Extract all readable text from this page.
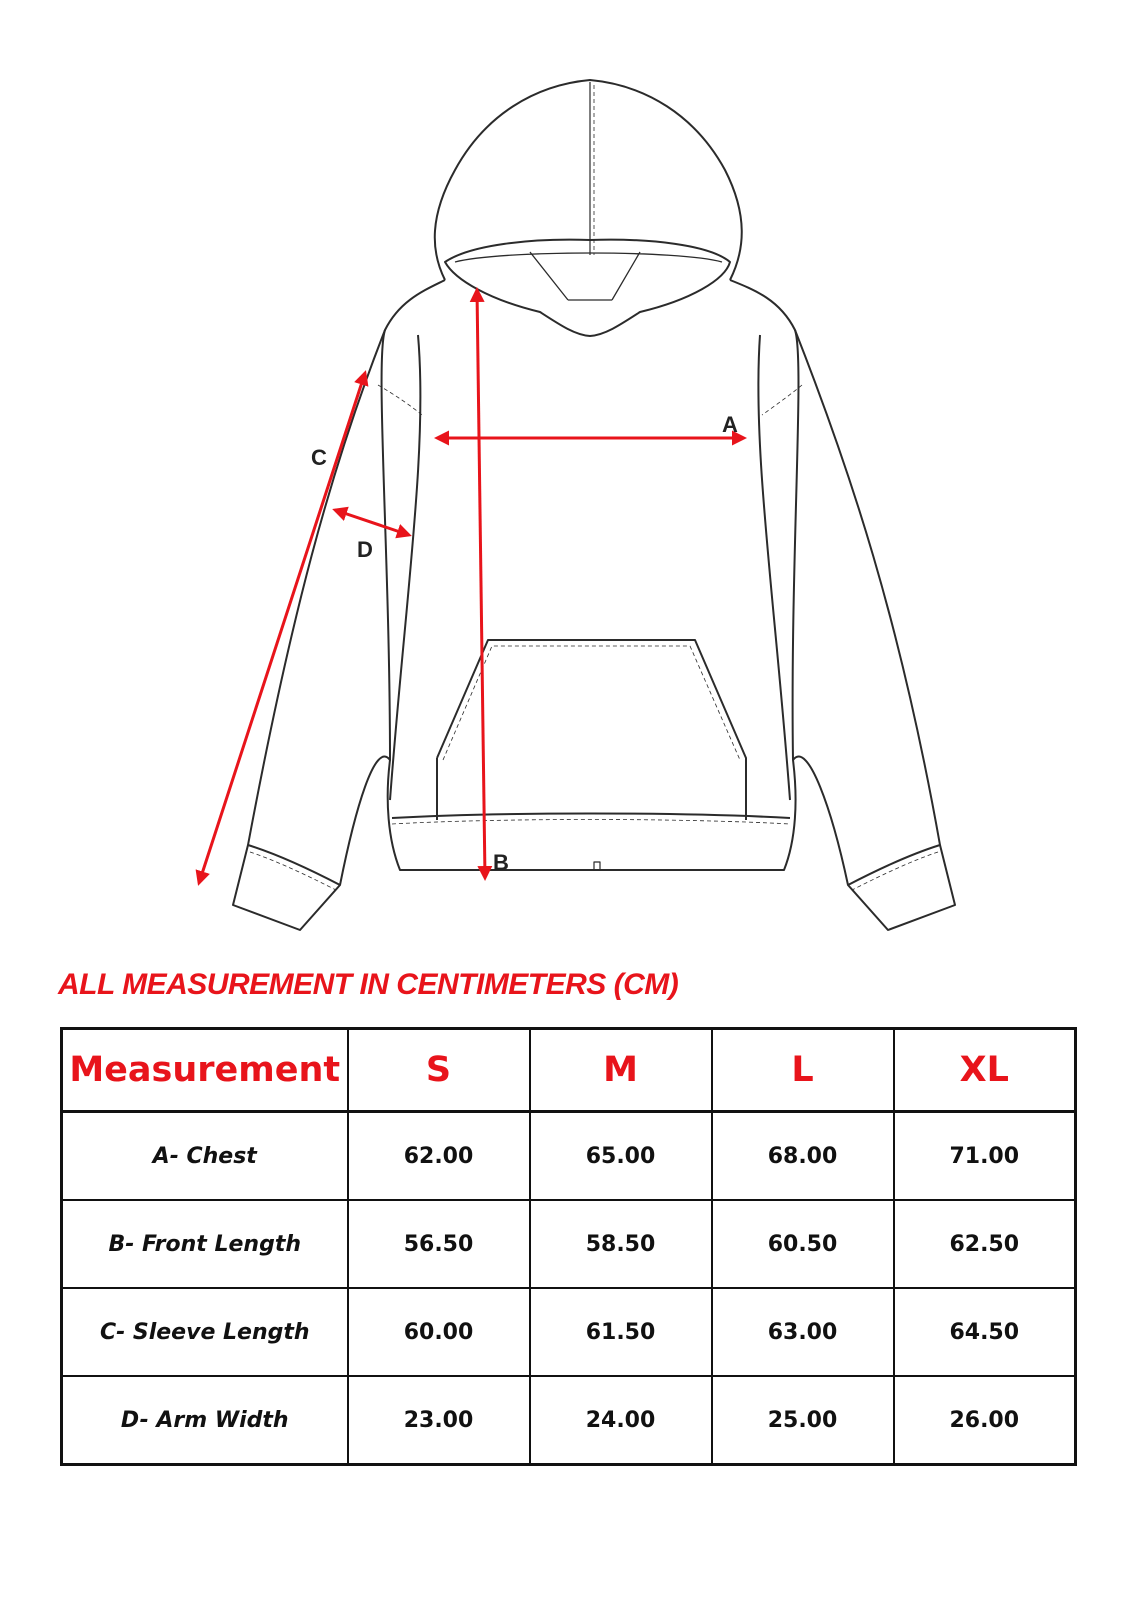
A
B
C
D
ALL MEASUREMENT IN CENTIMETERS (CM)
Measurement	S	M	L	XL
A- Chest	62.00	65.00	68.00	71.00
B- Front Length	56.50	58.50	60.50	62.50
C- Sleeve Length	60.00	61.50	63.00	64.50
D- Arm Width	23.00	24.00	25.00	26.00
